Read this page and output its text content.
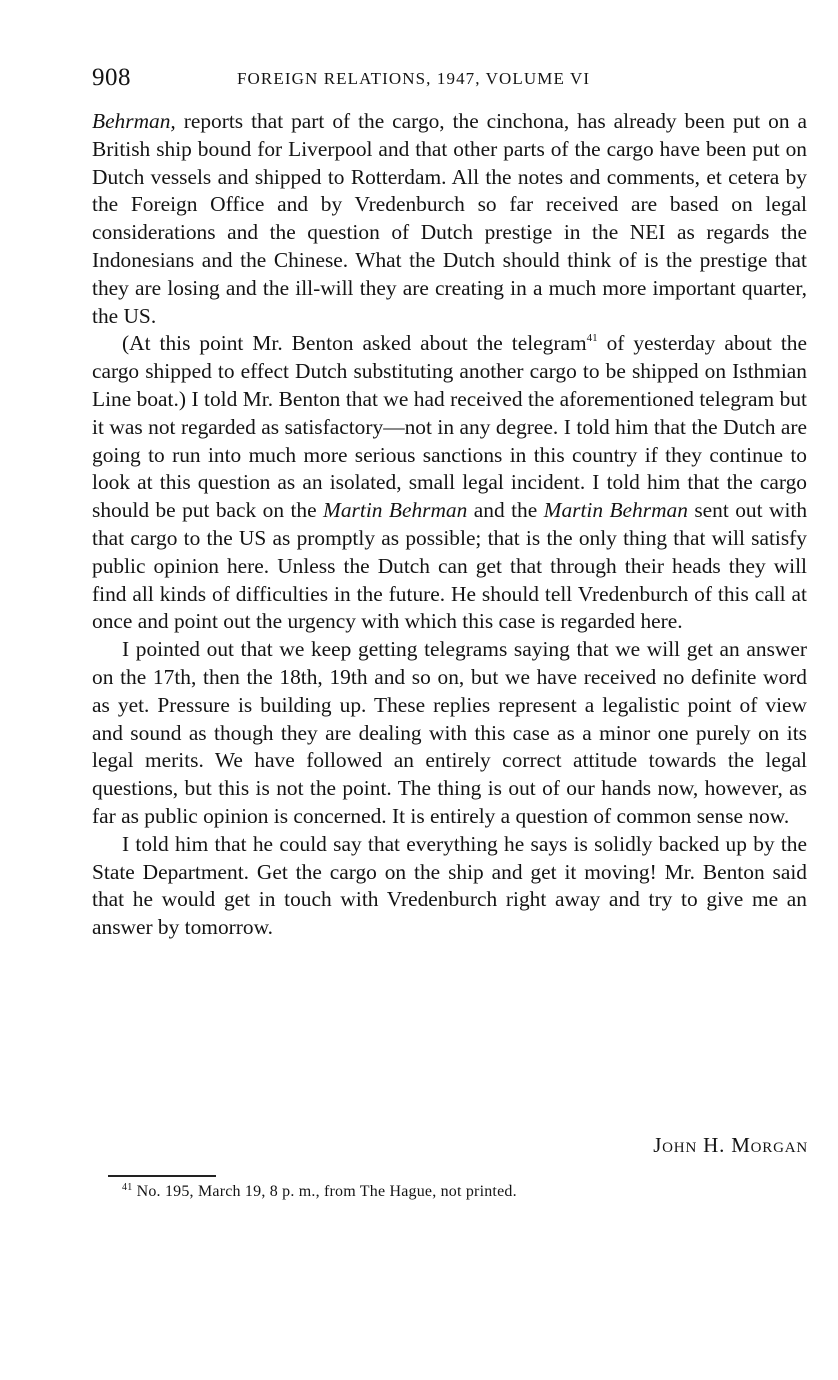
908	FOREIGN RELATIONS, 1947, VOLUME VI

Behrman, reports that part of the cargo, the cinchona, has already been put on a British ship bound for Liverpool and that other parts of the cargo have been put on Dutch vessels and shipped to Rotterdam. All the notes and comments, et cetera by the Foreign Office and by Vredenburch so far received are based on legal considerations and the question of Dutch prestige in the NEI as regards the Indonesians and the Chinese. What the Dutch should think of is the prestige that they are losing and the ill-will they are creating in a much more important quarter, the US.

(At this point Mr. Benton asked about the telegram$^{41}$ of yesterday about the cargo shipped to effect Dutch substituting another cargo to be shipped on Isthmian Line boat.) I told Mr. Benton that we had received the aforementioned telegram but it was not regarded as satisfactory—not in any degree. I told him that the Dutch are going to run into much more serious sanctions in this country if they continue to look at this question as an isolated, small legal incident. I told him that the cargo should be put back on the Martin Behrman and the Martin Behrman sent out with that cargo to the US as promptly as possible; that is the only thing that will satisfy public opinion here. Unless the Dutch can get that through their heads they will find all kinds of difficulties in the future. He should tell Vredenburch of this call at once and point out the urgency with which this case is regarded here.

I pointed out that we keep getting telegrams saying that we will get an answer on the 17th, then the 18th, 19th and so on, but we have received no definite word as yet. Pressure is building up. These replies represent a legalistic point of view and sound as though they are dealing with this case as a minor one purely on its legal merits. We have followed an entirely correct attitude towards the legal questions, but this is not the point. The thing is out of our hands now, however, as far as public opinion is concerned. It is entirely a question of common sense now.

I told him that he could say that everything he says is solidly backed up by the State Department. Get the cargo on the ship and get it moving! Mr. Benton said that he would get in touch with Vredenburch right away and try to give me an answer by tomorrow.

John H. Morgan
$^{41}$ No. 195, March 19, 8 p. m., from The Hague, not printed.
